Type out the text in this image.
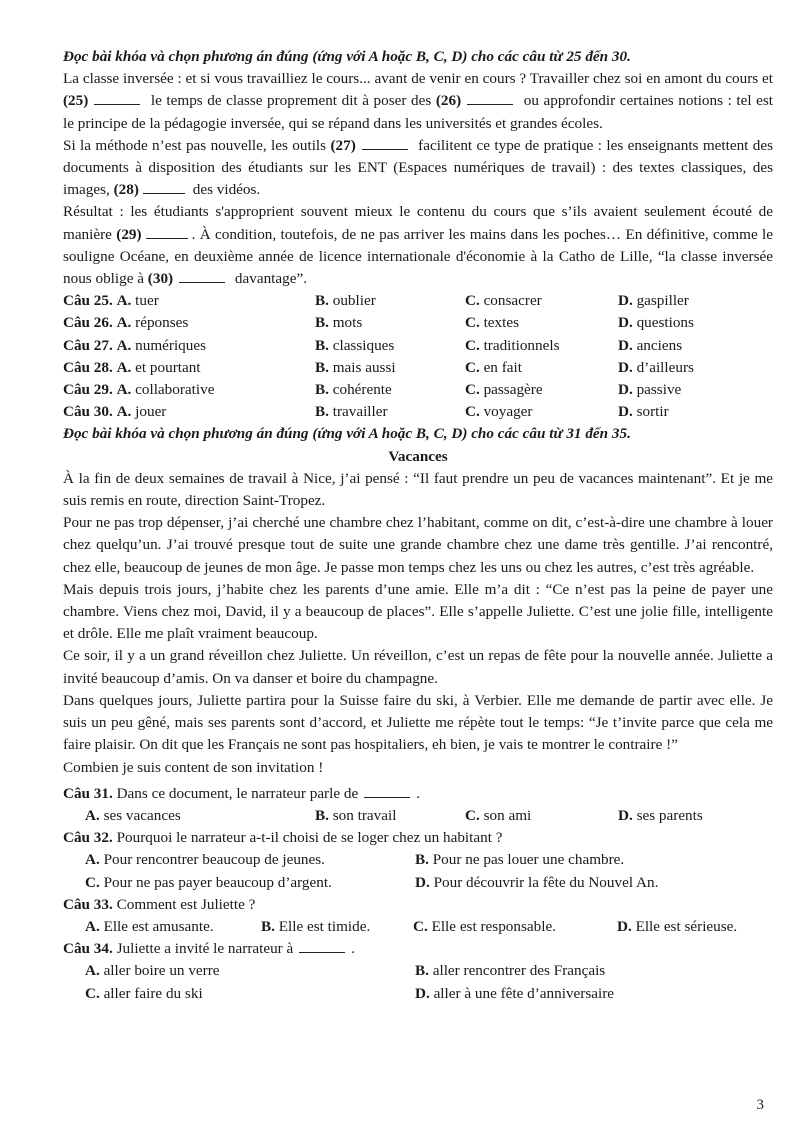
Đọc bài khóa và chọn phương án đúng (ứng với A hoặc B, C, D) cho các câu từ 25 đến 30.

La classe inversée : et si vous travailliez le cours... avant de venir en cours ? Travailler chez soi en amont du cours et (25)	le temps de classe proprement dit à poser des (26)	ou approfondir certaines notions : tel est le principe de la pédagogie inversée, qui se répand dans les universités et grandes écoles.

Si la méthode n’est pas nouvelle, les outils (27)	facilitent ce type de pratique : les enseignants mettent des documents à disposition des étudiants sur les ENT (Espaces numériques de travail) : des textes classiques, des images, (28)	des vidéos.

Résultat : les étudiants s'approprient souvent mieux le contenu du cours que s’ils avaient seulement écouté de manière (29)	. À condition, toutefois, de ne pas arriver les mains dans les poches… En définitive, comme le souligne Océane, en deuxième année de licence internationale d'économie à la Catho de Lille, “la classe inversée nous oblige à (30)	davantage”.

Câu 25. A. tuer	B. oublier	C. consacrer	D. gaspiller
Câu 26. A. réponses	B. mots	C. textes	D. questions
Câu 27. A. numériques	B. classiques	C. traditionnels	D. anciens
Câu 28. A. et pourtant	B. mais aussi	C. en fait	D. d’ailleurs
Câu 29. A. collaborative	B. cohérente	C. passagère	D. passive
Câu 30. A. jouer	B. travailler	C. voyager	D. sortir

Đọc bài khóa và chọn phương án đúng (ứng với A hoặc B, C, D) cho các câu từ 31 đến 35.

Vacances

À la fin de deux semaines de travail à Nice, j’ai pensé : “Il faut prendre un peu de vacances maintenant”. Et je me suis remis en route, direction Saint-Tropez.

Pour ne pas trop dépenser, j’ai cherché une chambre chez l’habitant, comme on dit, c’est-à-dire une chambre à louer chez quelqu’un. J’ai trouvé presque tout de suite une grande chambre chez une dame très gentille. J’ai rencontré, chez elle, beaucoup de jeunes de mon âge. Je passe mon temps chez les uns ou chez les autres, c’est très agréable.

Mais depuis trois jours, j’habite chez les parents d’une amie. Elle m’a dit : “Ce n’est pas la peine de payer une chambre. Viens chez moi, David, il y a beaucoup de places”. Elle s’appelle Juliette. C’est une jolie fille, intelligente et drôle. Elle me plaît vraiment beaucoup.

Ce soir, il y a un grand réveillon chez Juliette. Un réveillon, c’est un repas de fête pour la nouvelle année. Juliette a invité beaucoup d’amis. On va danser et boire du champagne.

Dans quelques jours, Juliette partira pour la Suisse faire du ski, à Verbier. Elle me demande de partir avec elle. Je suis un peu gêné, mais ses parents sont d’accord, et Juliette me répète tout le temps: “Je t’invite parce que cela me faire plaisir. On dit que les Français ne sont pas hospitaliers, eh bien, je vais te montrer le contraire !”

Combien je suis content de son invitation !

Câu 31. Dans ce document, le narrateur parle de	.

A. ses vacances	B. son travail	C. son ami	D. ses parents

Câu 32. Pourquoi le narrateur a-t-il choisi de se loger chez un habitant ?

A. Pour rencontrer beaucoup de jeunes.	B. Pour ne pas louer une chambre.
C. Pour ne pas payer beaucoup d’argent.	D. Pour découvrir la fête du Nouvel An.

Câu 33. Comment est Juliette ?

A. Elle est amusante.	B. Elle est timide.	C. Elle est responsable.	D. Elle est sérieuse.

Câu 34. Juliette a invité le narrateur à	.

A. aller boire un verre	B. aller rencontrer des Français
C. aller faire du ski	D. aller à une fête d’anniversaire
3
